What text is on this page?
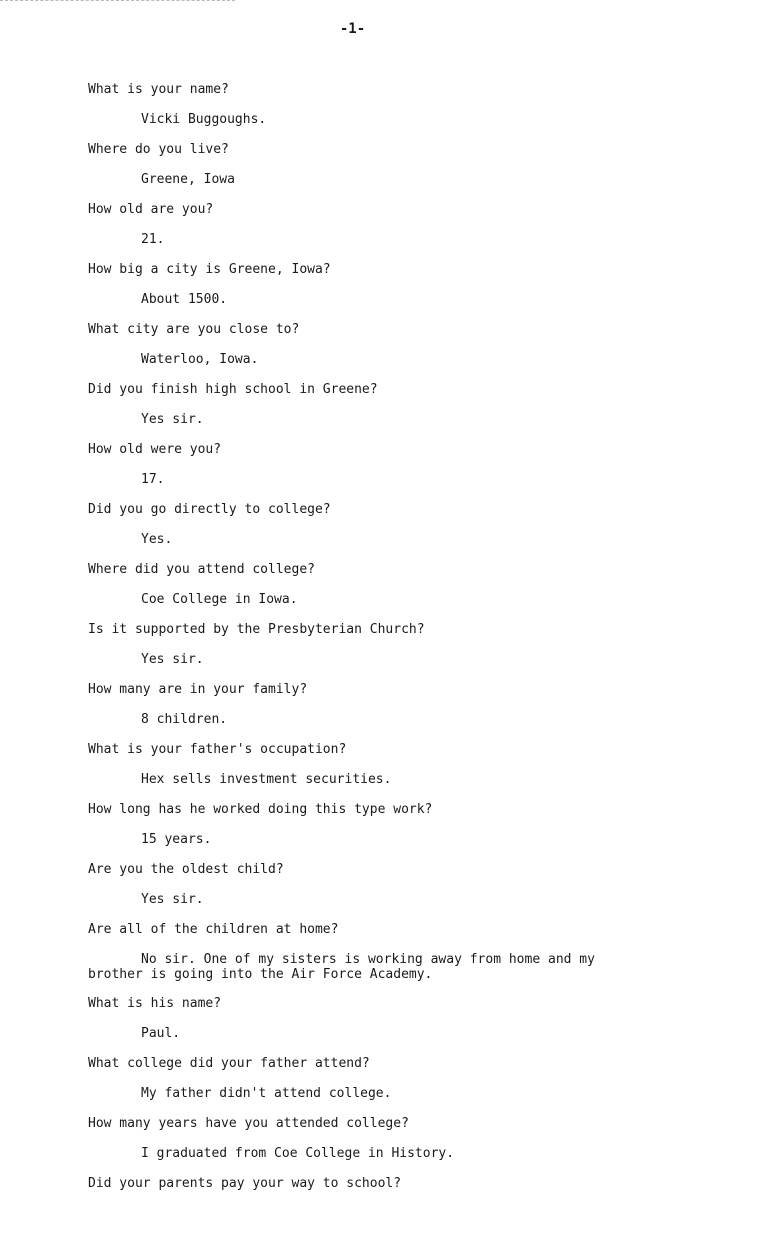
-1-
What is your name?
Vicki Buggoughs.
Where do you live?
Greene, Iowa
How old are you?
21.
How big a city is Greene, Iowa?
About 1500.
What city are you close to?
Waterloo, Iowa.
Did you finish high school in Greene?
Yes sir.
How old were you?
17.
Did you go directly to college?
Yes.
Where did you attend college?
Coe College in Iowa.
Is it supported by the Presbyterian Church?
Yes sir.
How many are in your family?
8 children.
What is your father's occupation?
Hex sells investment securities.
How long has he worked doing this type work?
15 years.
Are you the oldest child?
Yes sir.
Are all of the children at home?
No sir. One of my sisters is working away from home and my brother is going into the Air Force Academy.
What is his name?
Paul.
What college did your father attend?
My father didn't attend college.
How many years have you attended college?
I graduated from Coe College in History.
Did your parents pay your way to school?
